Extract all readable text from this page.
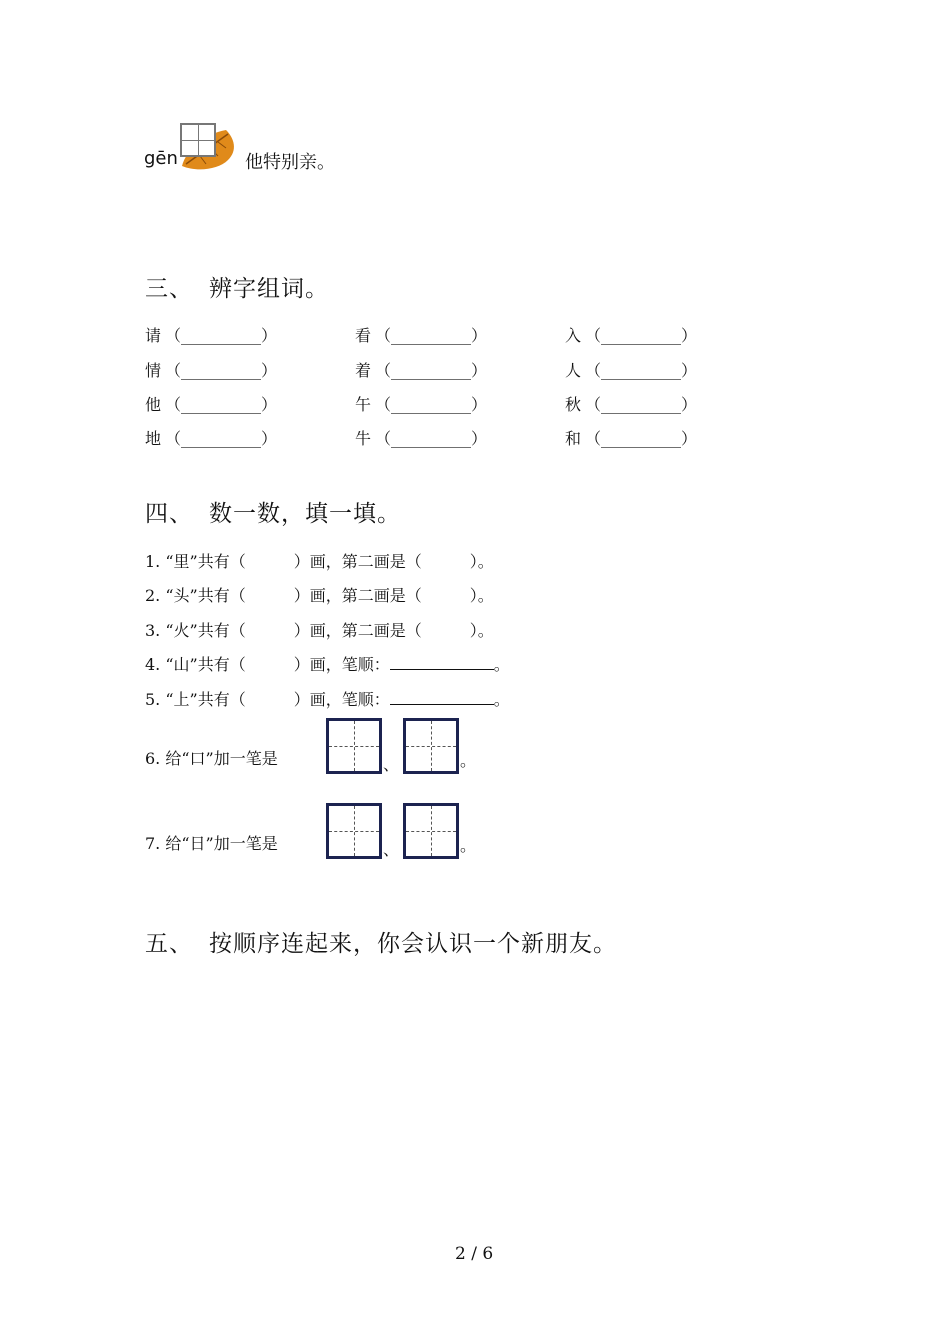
gēn	他特别亲。
三、 辨字组词。
请 （__________）	看 （__________）	入 （__________）
情 （__________）	着 （__________）	人 （__________）
他 （__________）	午 （__________）	秋 （__________）
地 （__________）	牛 （__________）	和 （__________）
四、 数一数，填一填。
1. “里”共有（　　　）画，第二画是（　　　）。
2. “头”共有（　　　）画，第二画是（　　　）。
3. “火”共有（　　　）画，第二画是（　　　）。
4. “山”共有（　　　）画，笔顺：	。
5. “上”共有（　　　）画，笔顺：	。
6. 给“口”加一笔是	、	。
7. 给“日”加一笔是	、	。
五、 按顺序连起来，你会认识一个新朋友。
2 / 6
